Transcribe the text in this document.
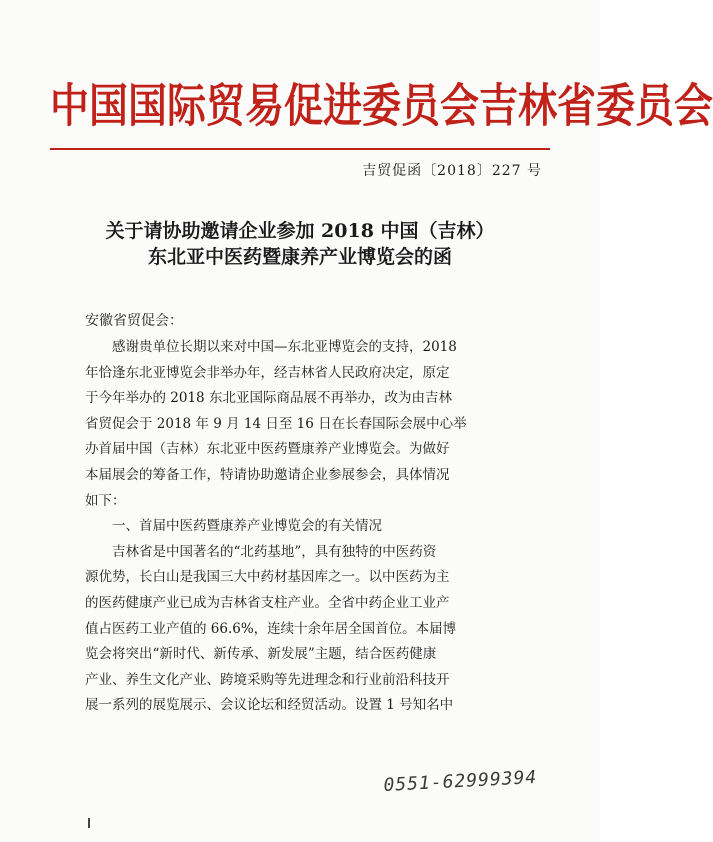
中国国际贸易促进委员会吉林省委员会
吉贸促函〔2018〕227 号
关于请协助邀请企业参加 2018 中国（吉林）
东北亚中医药暨康养产业博览会的函
安徽省贸促会：
　　感谢贵单位长期以来对中国—东北亚博览会的支持，2018
年恰逢东北亚博览会非举办年，经吉林省人民政府决定，原定
于今年举办的 2018 东北亚国际商品展不再举办，改为由吉林
省贸促会于 2018 年 9 月 14 日至 16 日在长春国际会展中心举
办首届中国（吉林）东北亚中医药暨康养产业博览会。为做好
本届展会的筹备工作，特请协助邀请企业参展参会，具体情况
如下：
　　一、首届中医药暨康养产业博览会的有关情况
　　吉林省是中国著名的“北药基地”，具有独特的中医药资
源优势，长白山是我国三大中药材基因库之一。以中医药为主
的医药健康产业已成为吉林省支柱产业。全省中药企业工业产
值占医药工业产值的 66.6%，连续十余年居全国首位。本届博
览会将突出“新时代、新传承、新发展”主题，结合医药健康
产业、养生文化产业、跨境采购等先进理念和行业前沿科技开
展一系列的展览展示、会议论坛和经贸活动。设置 1 号知名中
0551-62999394
